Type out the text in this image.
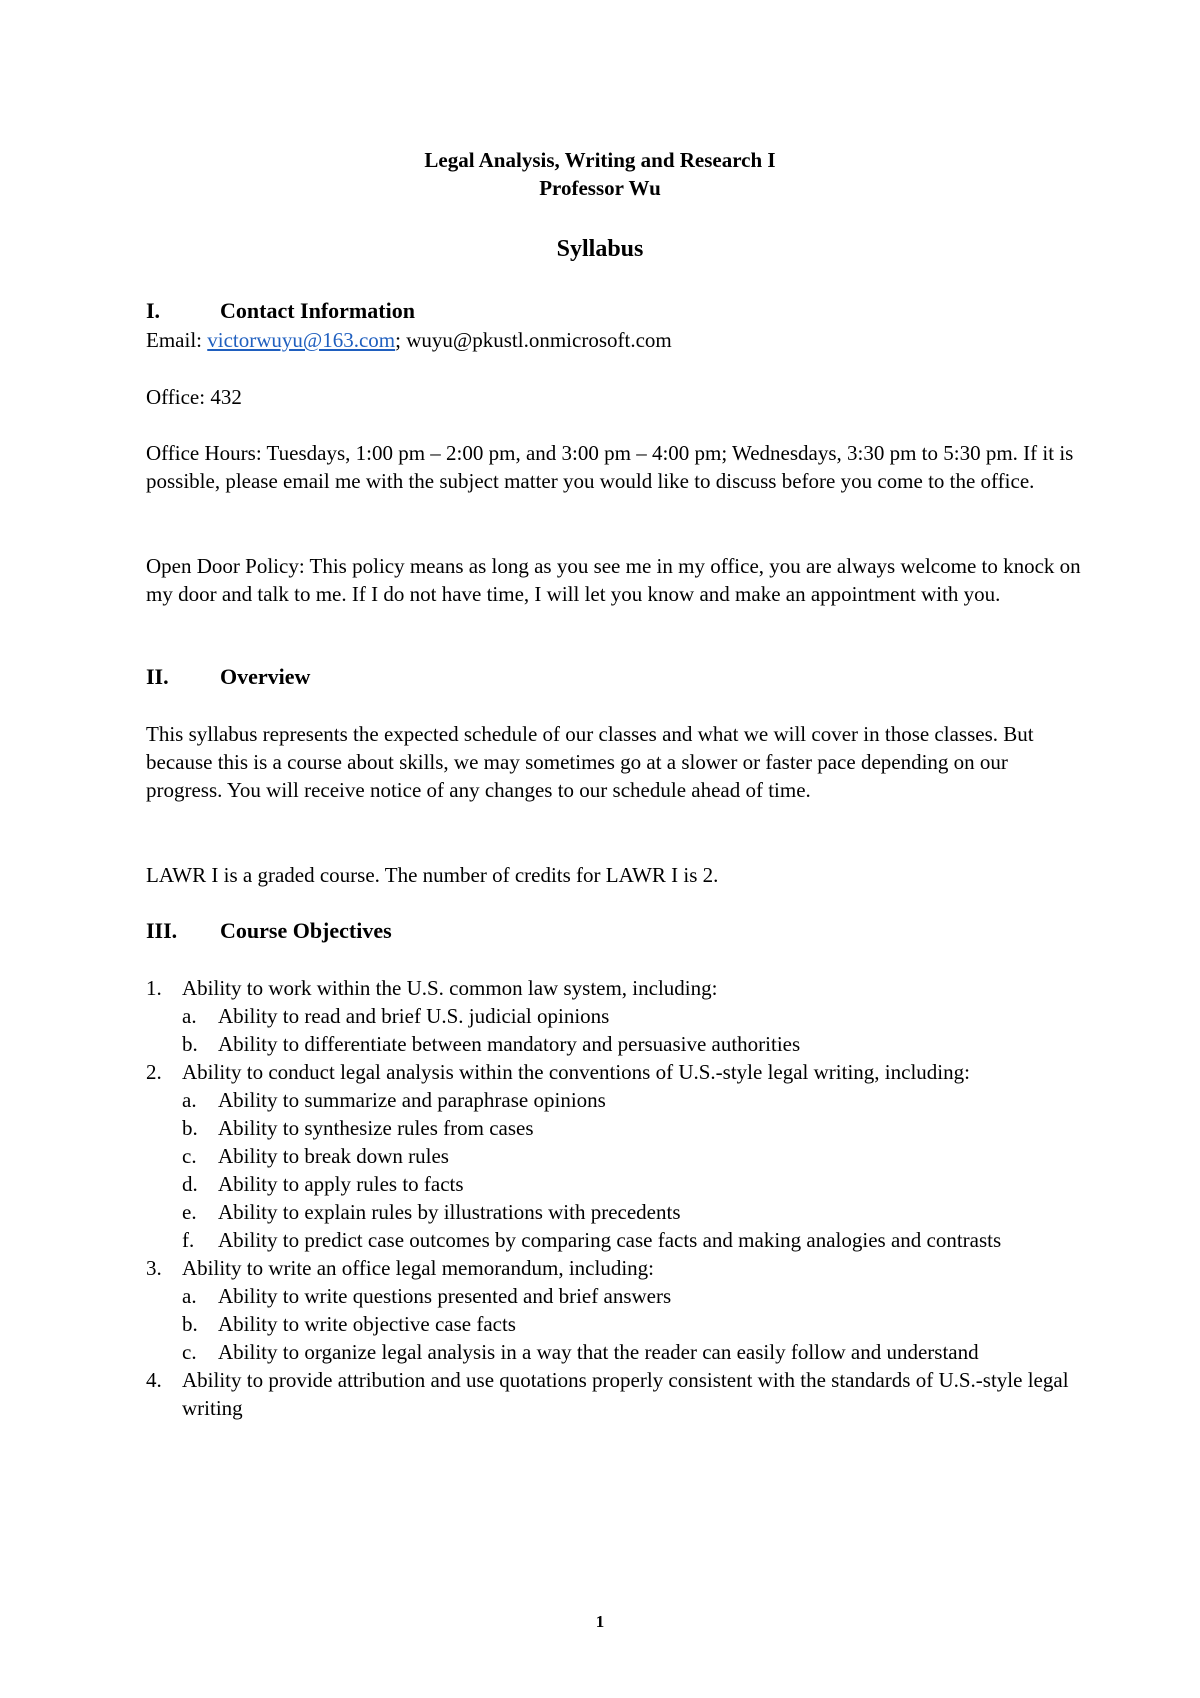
Legal Analysis, Writing and Research I
Professor Wu
Syllabus
I.	Contact Information
Email: victorwuyu@163.com; wuyu@pkustl.onmicrosoft.com
Office: 432
Office Hours: Tuesdays, 1:00 pm – 2:00 pm, and 3:00 pm – 4:00 pm; Wednesdays, 3:30 pm to 5:30 pm. If it is possible, please email me with the subject matter you would like to discuss before you come to the office.
Open Door Policy: This policy means as long as you see me in my office, you are always welcome to knock on my door and talk to me. If I do not have time, I will let you know and make an appointment with you.
II. Overview
This syllabus represents the expected schedule of our classes and what we will cover in those classes. But because this is a course about skills, we may sometimes go at a slower or faster pace depending on our progress. You will receive notice of any changes to our schedule ahead of time.
LAWR I is a graded course. The number of credits for LAWR I is 2.
III. Course Objectives
1. Ability to work within the U.S. common law system, including:
a.	Ability to read and brief U.S. judicial opinions
b. Ability to differentiate between mandatory and persuasive authorities
2. Ability to conduct legal analysis within the conventions of U.S.-style legal writing, including:
a.	Ability to summarize and paraphrase opinions
b. Ability to synthesize rules from cases
c.	Ability to break down rules
d. Ability to apply rules to facts
e.	Ability to explain rules by illustrations with precedents
f.	Ability to predict case outcomes by comparing case facts and making analogies and contrasts
3. Ability to write an office legal memorandum, including:
a.	Ability to write questions presented and brief answers
b. Ability to write objective case facts
c.	Ability to organize legal analysis in a way that the reader can easily follow and understand
4. Ability to provide attribution and use quotations properly consistent with the standards of U.S.-style legal writing
1
